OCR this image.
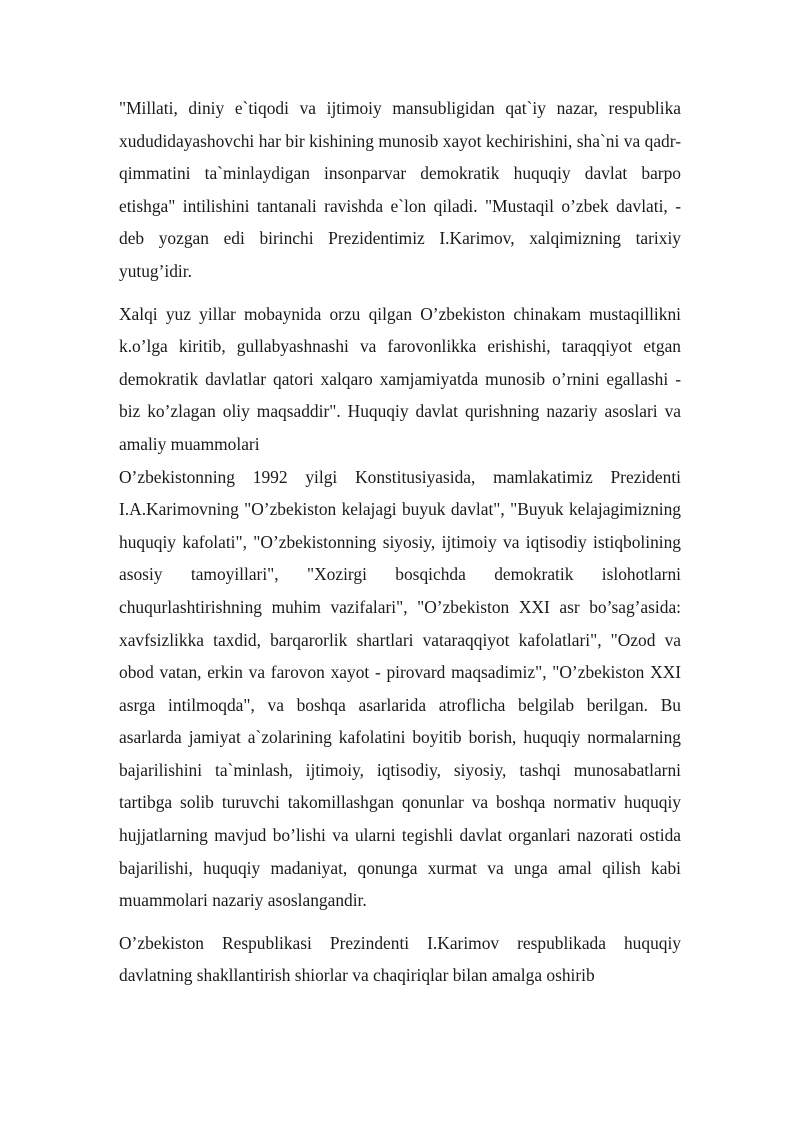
"Millati, diniy e`tiqodi va ijtimoiy mansubligidan qat`iy nazar, respublika xududidayashovchi har bir kishining munosib xayot kechirishini, sha`ni va qadr-qimmatini ta`minlaydigan insonparvar demokratik huquqiy davlat barpo etishga" intilishini tantanali ravishda e`lon qiladi. "Mustaqil o’zbek davlati, - deb yozgan edi birinchi Prezidentimiz I.Karimov, xalqimizning tarixiy yutug’idir.

Xalqi yuz yillar mobaynida orzu qilgan O’zbekiston chinakam mustaqillikni k.o’lga kiritib, gullabyashnashi va farovonlikka erishishi, taraqqiyot etgan demokratik davlatlar qatori xalqaro xamjamiyatda munosib o’rnini egallashi - biz ko’zlagan oliy maqsaddir". Huquqiy davlat qurishning nazariy asoslari va amaliy muammolari

O’zbekistonning 1992 yilgi Konstitusiyasida, mamlakatimiz Prezidenti I.A.Karimovning "O’zbekiston kelajagi buyuk davlat", "Buyuk kelajagimizning huquqiy kafolati", "O’zbekistonning siyosiy, ijtimoiy va iqtisodiy istiqbolining asosiy tamoyillari", "Xozirgi bosqichda demokratik islohotlarni chuqurlashtirishning muhim vazifalari", "O’zbekiston XXI asr bo’sag’asida: xavfsizlikka taxdid, barqarorlik shartlari vataraqqiyot kafolatlari", "Ozod va obod vatan, erkin va farovon xayot - pirovard maqsadimiz", "O’zbekiston XXI asrga intilmoqda", va boshqa asarlarida atroflicha belgilab berilgan. Bu asarlarda jamiyat a`zolarining kafolatini boyitib borish, huquqiy normalarning bajarilishini ta`minlash, ijtimoiy, iqtisodiy, siyosiy, tashqi munosabatlarni tartibga solib turuvchi takomillashgan qonunlar va boshqa normativ huquqiy hujjatlarning mavjud bo’lishi va ularni tegishli davlat organlari nazorati ostida bajarilishi, huquqiy madaniyat, qonunga xurmat va unga amal qilish kabi muammolari nazariy asoslangandir.

O’zbekiston Respublikasi Prezindenti I.Karimov respublikada huquqiy davlatning shakllantirish shiorlar va chaqiriqlar bilan amalga oshirib
